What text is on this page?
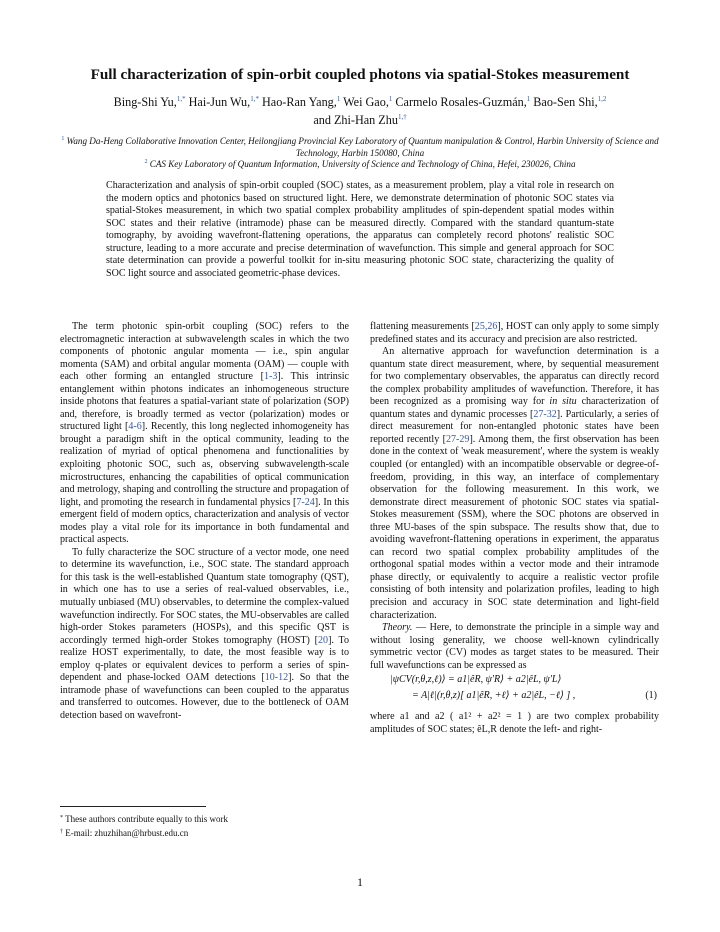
Full characterization of spin-orbit coupled photons via spatial-Stokes measurement
Bing-Shi Yu,$^{1,*}$ Hai-Jun Wu,$^{1,*}$ Hao-Ran Yang,$^1$ Wei Gao,$^1$ Carmelo Rosales-Guzmán,$^1$ Bao-Sen Shi,$^{1,2}$
and Zhi-Han Zhu$^{1,\dagger}$
$^1$ Wang Da-Heng Collaborative Innovation Center, Heilongjiang Provincial Key Laboratory of Quantum manipulation & Control, Harbin University of Science and Technology, Harbin 150080, China
$^2$ CAS Key Laboratory of Quantum Information, University of Science and Technology of China, Hefei, 230026, China
Characterization and analysis of spin-orbit coupled (SOC) states, as a measurement problem, play a vital role in research on the modern optics and photonics based on structured light. Here, we demonstrate determination of photonic SOC states via spatial-Stokes measurement, in which two spatial complex probability amplitudes of spin-dependent spatial modes within SOC states and their relative (intramode) phase can be measured directly. Compared with the standard quantum-state tomography, by avoiding wavefront-flattening operations, the apparatus can completely record photons' realistic SOC structure, leading to a more accurate and precise determination of wavefunction. This simple and general approach for SOC state determination can provide a powerful toolkit for in-situ measuring photonic SOC state, characterizing the quality of SOC light source and associated geometric-phase devices.

The term photonic spin-orbit coupling (SOC) refers to the electromagnetic interaction at subwavelength scales in which the two components of photonic angular momenta — i.e., spin angular momenta (SAM) and orbital angular momenta (OAM) — couple with each other forming an entangled structure [1-3]. This intrinsic entanglement within photons indicates an inhomogeneous structure inside photons that features a spatial-variant state of polarization (SOP) and, therefore, is broadly termed as vector (polarization) modes or structured light [4-6]. Recently, this long neglected inhomogeneity has brought a paradigm shift in the optical community, leading to the realization of myriad of optical phenomena and functionalities by exploiting photonic SOC, such as, observing subwavelength-scale microstructures, enhancing the capabilities of optical communication and metrology, shaping and controlling the structure and propagation of light, and promoting the research in fundamental physics [7-24]. In this emergent field of modern optics, characterization and analysis of vector modes play a vital role for its importance in both fundamental and practical aspects.

To fully characterize the SOC structure of a vector mode, one need to determine its wavefunction, i.e., SOC state. The standard approach for this task is the well-established Quantum state tomography (QST), in which one has to use a series of real-valued observables, i.e., mutually unbiased (MU) observables, to determine the complex-valued wavefunction indirectly. For SOC states, the MU-observables are called high-order Stokes parameters (HOSPs), and this specific QST is accordingly termed high-order Stokes tomography (HOST) [20]. To realize HOST experimentally, to date, the most feasible way is to employ q-plates or equivalent devices to perform a series of spin-dependent and phase-locked OAM detections [10-12]. So that the intramode phase of wavefunctions can been coupled to the apparatus and transferred to outcomes. However, due to the bottleneck of OAM detection based on wavefront-

flattening measurements [25,26], HOST can only apply to some simply predefined states and its accuracy and precision are also restricted.

An alternative approach for wavefunction determination is a quantum state direct measurement, where, by sequential measurement for two complementary observables, the apparatus can directly record the complex probability amplitudes of wavefunction. Therefore, it has been recognized as a promising way for in situ characterization of quantum states and dynamic processes [27-32]. Particularly, a series of direct measurement for non-entangled photonic states have been reported recently [27-29]. Among them, the first observation has been done in the context of 'weak measurement', where the system is weakly coupled (or entangled) with an incompatible observable or degree-of-freedom, providing, in this way, an interface of complementary observation for the following measurement. In this work, we demonstrate direct measurement of photonic SOC states via spatial-Stokes measurement (SSM), where the SOC photons are observed in three MU-bases of the spin subspace. The results show that, due to avoiding wavefront-flattening operations in experiment, the apparatus can record two spatial complex probability amplitudes of the orthogonal spatial modes within a vector mode and their intramode phase directly, or equivalently to acquire a realistic vector profile consisting of both intensity and polarization profiles, leading to high precision and accuracy in SOC state determination and light-field characterization.

Theory. — Here, to demonstrate the principle in a simple way and without losing generality, we choose well-known cylindrically symmetric vector (CV) modes as target states to be measured. Their full wavefunctions can be expressed as

|ψCV(r,θ,z,ℓ)⟩ = a1|êR, ψ′R⟩ + a2|êL, ψ′L⟩
= A|ℓ|(r,θ,z)[ a1|êR, +ℓ⟩ + a2|êL, −ℓ⟩ ] ,	(1)

where a1 and a2 ( a1² + a2² = 1 ) are two complex probability amplitudes of SOC states; êL,R denote the left- and right-

* These authors contribute equally to this work
† E-mail: zhuzhihan@hrbust.edu.cn
1
